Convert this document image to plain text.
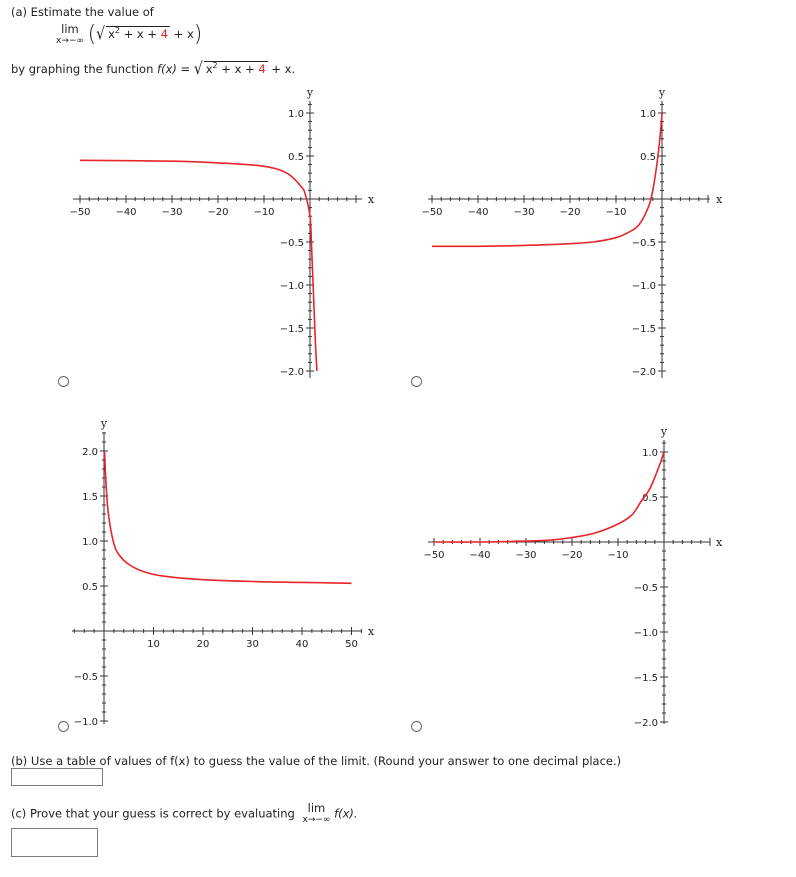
(a) Estimate the value of
lim
x→−∞ (√ $x^2 + x + 4 + x$)
by graphing the function f(x) = √ $x^2 + x + 4 + x$.
−50 −40 −30 −20 −10
1.0
0.5
−0.5
−1.0
−1.5
−2.0
x
y
−50 −40 −30 −20 −10
1.0
0.5
−0.5
−1.0
−1.5
−2.0
x
y
10	20	30	40	50
2.0
1.5
1.0
0.5
−0.5
−1.0
x
y
−50 −40 −30 −20 −10
1.0
0.5
−0.5
−1.0
−1.5
−2.0
x
y
(b) Use a table of values of f(x) to guess the value of the limit. (Round your answer to one decimal place.)
(c) Prove that your guess is correct by evaluating lim
x→−∞ f(x).
